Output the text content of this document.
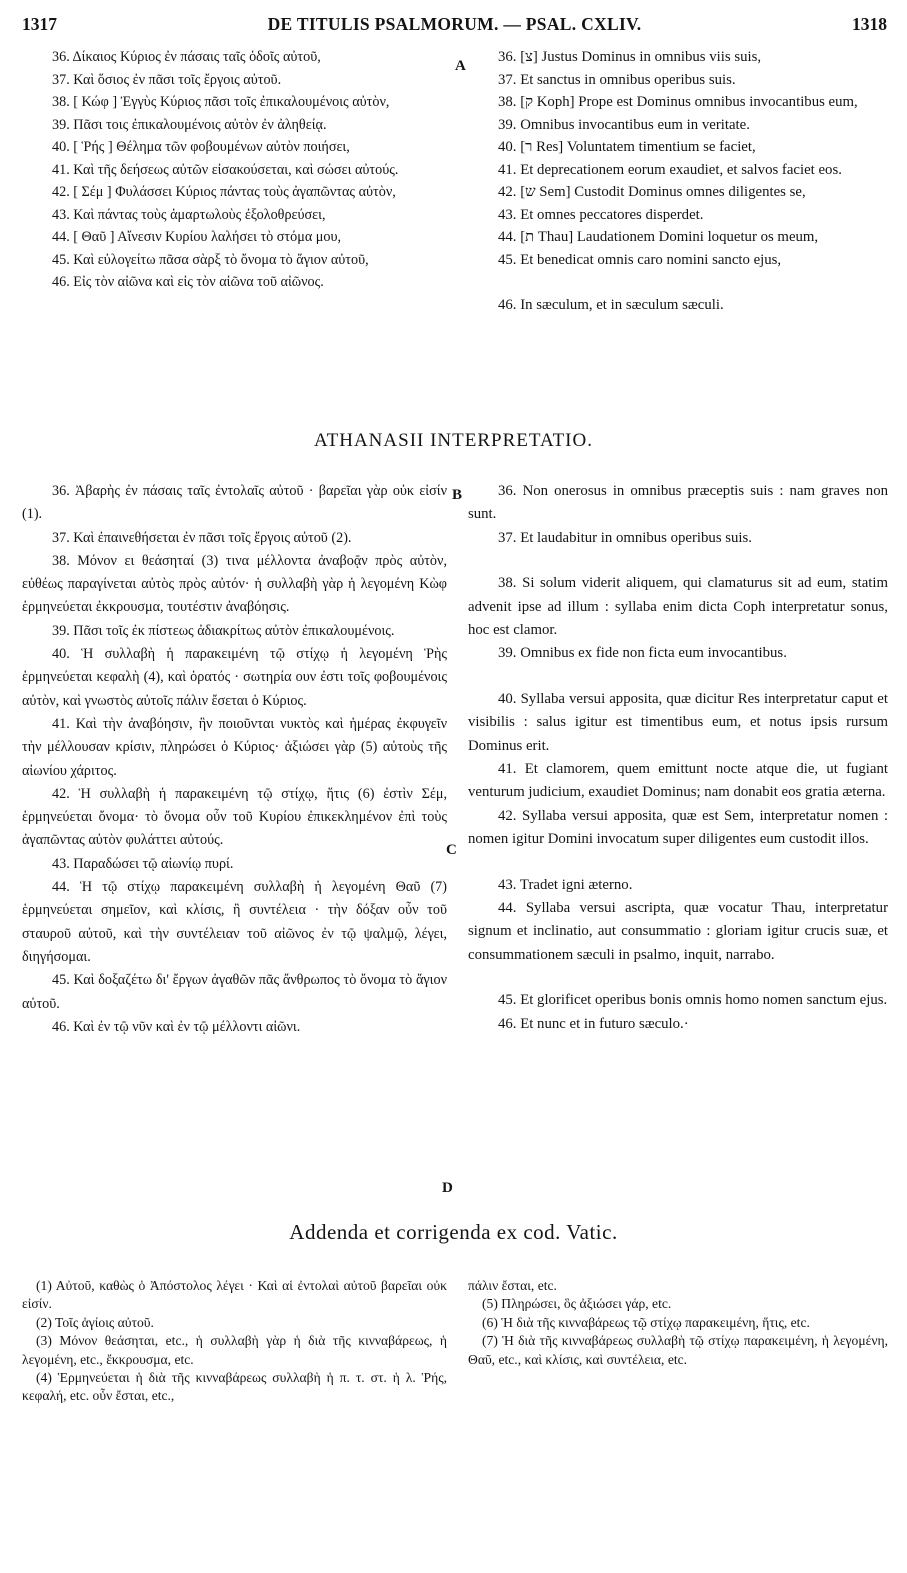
1317	DE TITULIS PSALMORUM. — PSAL. CXLIV.	1318
A
B
C
D

36. Δίκαιος Κύριος ἐν πάσαις ταῖς ὁδοῖς αὐτοῦ,

37. Καὶ ὅσιος ἐν πᾶσι τοῖς ἔργοις αὐτοῦ.

38. [ Κώφ ] Ἐγγὺς Κύριος πᾶσι τοῖς ἐπικαλουμένοις αὐτὸν,

39. Πᾶσι τοις ἐπικαλουμένοις αὐτὸν ἐν ἀληθείᾳ.

40. [ Ῥής ] Θέλημα τῶν φοβουμένων αὐτὸν ποιήσει,

41. Καὶ τῆς δεήσεως αὐτῶν εἰσακούσεται, καὶ σώσει αὐτούς.

42. [ Σέμ ] Φυλάσσει Κύριος πάντας τοὺς ἀγαπῶντας αὐτὸν,

43. Καὶ πάντας τοὺς ἁμαρτωλοὺς ἐξολοθρεύσει,

44. [ Θαῦ ] Αἴνεσιν Κυρίου λαλήσει τὸ στόμα μου,

45. Καὶ εὐλογείτω πᾶσα σὰρξ τὸ ὄνομα τὸ ἅγιον αὐτοῦ,

46. Εἰς τὸν αἰῶνα καὶ εἰς τὸν αἰῶνα τοῦ αἰῶνος.

36. [צ] Justus Dominus in omnibus viis suis,

37. Et sanctus in omnibus operibus suis.

38. [ק Koph] Prope est Dominus omnibus invocantibus eum,

39. Omnibus invocantibus eum in veritate.

40. [ר Res] Voluntatem timentium se faciet,

41. Et deprecationem eorum exaudiet, et salvos faciet eos.

42. [ש Sem] Custodit Dominus omnes diligentes se,

43. Et omnes peccatores disperdet.

44. [ת Thau] Laudationem Domini loquetur os meum,

45. Et benedicat omnis caro nomini sancto ejus,

46. In sæculum, et in sæculum sæculi.

ATHANASII INTERPRETATIO.

36. Ἀβαρὴς ἐν πάσαις ταῖς ἐντολαῖς αὐτοῦ · βαρεῖαι γὰρ οὐκ εἰσίν (1).

37. Καὶ ἐπαινεθήσεται ἐν πᾶσι τοῖς ἔργοις αὐτοῦ (2).

38. Μόνον ει θεάσηταί (3) τινα μέλλοντα ἀναβοᾷν πρὸς αὐτὸν, εὐθέως παραγίνεται αὐτὸς πρὸς αὐτόν· ἡ συλλαβὴ γὰρ ἡ λεγομένη Κὼφ ἑρμηνεύεται ἐκκρουσμα, τουτέστιν ἀναβόησις.

39. Πᾶσι τοῖς ἐκ πίστεως ἀδιακρίτως αὐτὸν ἐπικαλουμένοις.

40. Ἡ συλλαβὴ ἡ παρακειμένη τῷ στίχῳ ἡ λεγομένη Ῥὴς ἑρμηνεύεται κεφαλὴ (4), καὶ ὁρατός · σωτηρία ουν ἐστι τοῖς φοβουμένοις αὐτὸν, καὶ γνωστὸς αὐτοῖς πάλιν ἔσεται ὁ Κύριος.

41. Καὶ τὴν ἀναβόησιν, ἣν ποιοῦνται νυκτὸς καὶ ἡμέρας ἐκφυγεῖν τὴν μέλλουσαν κρίσιν, πληρώσει ὁ Κύριος· ἀξιώσει γὰρ (5) αὐτοὺς τῆς αἰωνίου χάριτος.

42. Ἡ συλλαβὴ ἡ παρακειμένη τῷ στίχῳ, ἥτις (6) ἐστὶν Σέμ, ἑρμηνεύεται ὄνομα· τὸ ὄνομα οὖν τοῦ Κυρίου ἐπικεκλημένον ἐπὶ τοὺς ἀγαπῶντας αὐτὸν φυλάττει αὐτούς.

43. Παραδώσει τῷ αἰωνίῳ πυρί.

44. Ἡ τῷ στίχῳ παρακειμένη συλλαβὴ ἡ λεγομένη Θαῦ (7) ἑρμηνεύεται σημεῖον, καὶ κλίσις, ἢ συντέλεια · τὴν δόξαν οὖν τοῦ σταυροῦ αὐτοῦ, καὶ τὴν συντέλειαν τοῦ αἰῶνος ἐν τῷ ψαλμῷ, λέγει, διηγήσομαι.

45. Καὶ δοξαζέτω δι' ἔργων ἀγαθῶν πᾶς ἄνθρωπος τὸ ὄνομα τὸ ἅγιον αὐτοῦ.

46. Καὶ ἐν τῷ νῦν καὶ ἐν τῷ μέλλοντι αἰῶνι.

36. Non onerosus in omnibus præceptis suis : nam graves non sunt.

37. Et laudabitur in omnibus operibus suis.

38. Si solum viderit aliquem, qui clamaturus sit ad eum, statim advenit ipse ad illum : syllaba enim dicta Coph interpretatur sonus, hoc est clamor.

39. Omnibus ex fide non ficta eum invocantibus.

40. Syllaba versui apposita, quæ dicitur Res interpretatur caput et visibilis : salus igitur est timentibus eum, et notus ipsis rursum Dominus erit.

41. Et clamorem, quem emittunt nocte atque die, ut fugiant venturum judicium, exaudiet Dominus; nam donabit eos gratia æterna.

42. Syllaba versui apposita, quæ est Sem, interpretatur nomen : nomen igitur Domini invocatum super diligentes eum custodit illos.

43. Tradet igni æterno.

44. Syllaba versui ascripta, quæ vocatur Thau, interpretatur signum et inclinatio, aut consummatio : gloriam igitur crucis suæ, et consummationem sæculi in psalmo, inquit, narrabo.

45. Et glorificet operibus bonis omnis homo nomen sanctum ejus.

46. Et nunc et in futuro sæculo.·

Addenda et corrigenda ex cod. Vatic.

(1) Αὐτοῦ, καθὼς ὁ Ἀπόστολος λέγει · Καὶ αἱ ἐντολαὶ αὐτοῦ βαρεῖαι οὐκ εἰσίν.

(2) Τοῖς ἁγίοις αὐτοῦ.

(3) Μόνον θεάσηται, etc., ἡ συλλαβὴ γὰρ ἡ διὰ τῆς κινναβάρεως, ἡ λεγομένη, etc., ἔκκρουσμα, etc.

(4) Ἑρμηνεύεται ἡ διὰ τῆς κινναβάρεως συλλαβὴ ἡ π. τ. στ. ἡ λ. Ῥής, κεφαλή, etc. οὖν ἔσται, etc.,

πάλιν ἔσται, etc.

(5) Πληρώσει, ὃς ἀξιώσει γάρ, etc.

(6) Ἡ διὰ τῆς κινναβάρεως τῷ στίχῳ παρακειμένη, ἥτις, etc.

(7) Ἡ διὰ τῆς κινναβάρεως συλλαβὴ τῷ στίχῳ παρακειμένη, ἡ λεγομένη, Θαῦ, etc., καὶ κλίσις, καὶ συντέλεια, etc.
